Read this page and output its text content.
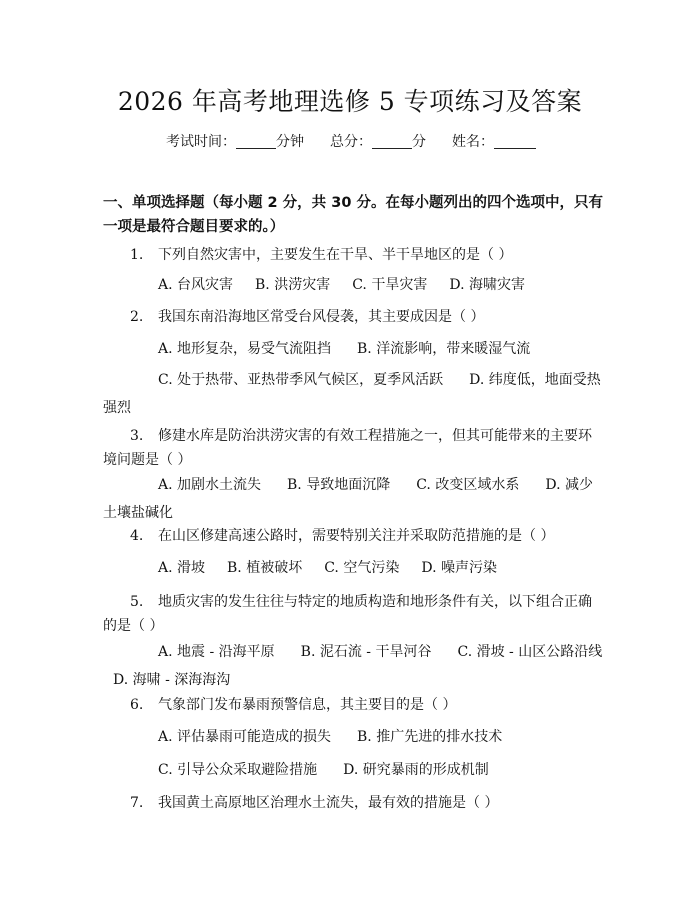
2026 年高考地理选修 5 专项练习及答案
考试时间：	分钟 总分：	分 姓名：
一、单项选择题（每小题 2 分，共 30 分。在每小题列出的四个选项中，只有一项是最符合题目要求的。）
1. 下列自然灾害中，主要发生在干旱、半干旱地区的是（ ）
A. 台风灾害 B. 洪涝灾害 C. 干旱灾害 D. 海啸灾害
2. 我国东南沿海地区常受台风侵袭，其主要成因是（ ）
A. 地形复杂，易受气流阻挡 B. 洋流影响，带来暖湿气流
C. 处于热带、亚热带季风气候区，夏季风活跃 D. 纬度低，地面受热强烈
3. 修建水库是防治洪涝灾害的有效工程措施之一，但其可能带来的主要环境问题是（ ）
A. 加剧水土流失 B. 导致地面沉降 C. 改变区域水系 D. 减少土壤盐碱化
4. 在山区修建高速公路时，需要特别关注并采取防范措施的是（ ）
A. 滑坡 B. 植被破坏 C. 空气污染 D. 噪声污染
5. 地质灾害的发生往往与特定的地质构造和地形条件有关，以下组合正确的是（ ）
A. 地震 - 沿海平原 B. 泥石流 - 干旱河谷 C. 滑坡 - 山区公路沿线D. 海啸 - 深海海沟
6. 气象部门发布暴雨预警信息，其主要目的是（ ）
A. 评估暴雨可能造成的损失 B. 推广先进的排水技术
C. 引导公众采取避险措施 D. 研究暴雨的形成机制
7. 我国黄土高原地区治理水土流失，最有效的措施是（ ）
